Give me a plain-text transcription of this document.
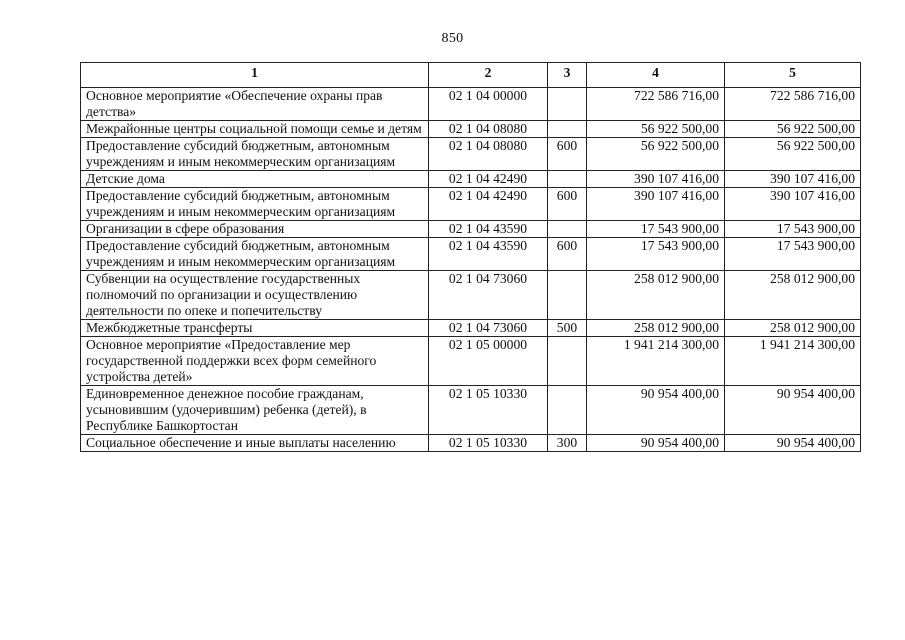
850
1	2	3	4	5
Основное мероприятие «Обеспечение охраны прав детства»	02 1 04 00000		722 586 716,00	722 586 716,00
Межрайонные центры социальной помощи семье и детям	02 1 04 08080		56 922 500,00	56 922 500,00
Предоставление субсидий бюджетным, автономным учреждениям и иным некоммерческим организациям	02 1 04 08080	600	56 922 500,00	56 922 500,00
Детские дома	02 1 04 42490		390 107 416,00	390 107 416,00
Предоставление субсидий бюджетным, автономным учреждениям и иным некоммерческим организациям	02 1 04 42490	600	390 107 416,00	390 107 416,00
Организации в сфере образования	02 1 04 43590		17 543 900,00	17 543 900,00
Предоставление субсидий бюджетным, автономным учреждениям и иным некоммерческим организациям	02 1 04 43590	600	17 543 900,00	17 543 900,00
Субвенции на осуществление государственных полномочий по организации и осуществлению деятельности по опеке и попечительству	02 1 04 73060		258 012 900,00	258 012 900,00
Межбюджетные трансферты	02 1 04 73060	500	258 012 900,00	258 012 900,00
Основное мероприятие «Предоставление мер государственной поддержки всех форм семейного устройства детей»	02 1 05 00000		1 941 214 300,00	1 941 214 300,00
Единовременное денежное пособие гражданам, усыновившим (удочерившим) ребенка (детей), в Республике Башкортостан	02 1 05 10330		90 954 400,00	90 954 400,00
Социальное обеспечение и иные выплаты населению	02 1 05 10330	300	90 954 400,00	90 954 400,00
